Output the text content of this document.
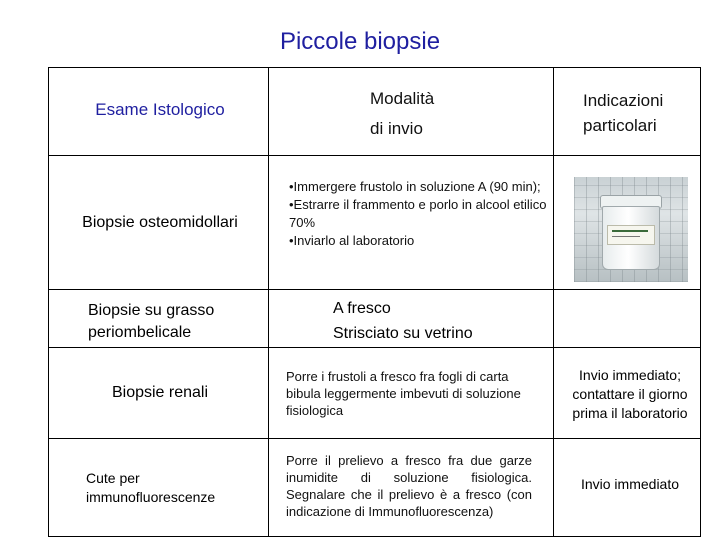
Piccole biopsie
Esame Istologico
Modalità
di invio
Indicazioni
particolari
Biopsie osteomidollari
•Immergere frustolo in soluzione A (90 min);
•Estrarre il frammento e porlo in alcool etilico 70%
•Inviarlo al laboratorio
Biopsie su grasso
periombelicale
A fresco
Strisciato su vetrino
Biopsie renali
Porre i frustoli a fresco fra fogli di carta bibula leggermente imbevuti di soluzione fisiologica
Invio immediato;
contattare il giorno prima il laboratorio
Cute per
immunofluorescenze
Porre il prelievo a fresco fra due garze inumidite di soluzione fisiologica. Segnalare che il prelievo è a fresco (con indicazione di Immunofluorescenza)
Invio immediato
